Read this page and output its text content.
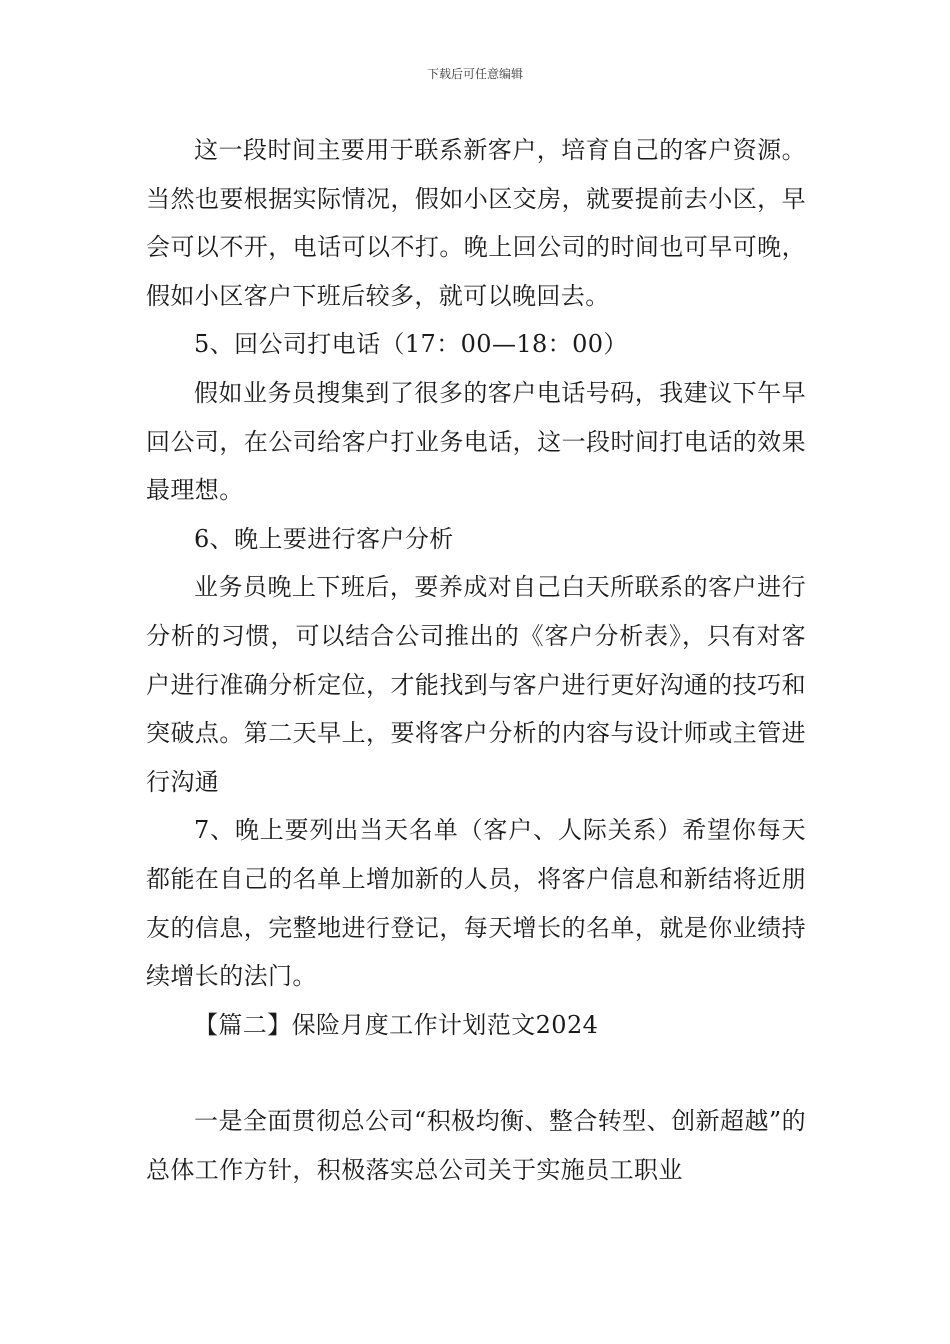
下载后可任意编辑

这一段时间主要用于联系新客户，培育自己的客户资源。当然也要根据实际情况，假如小区交房，就要提前去小区，早会可以不开，电话可以不打。晚上回公司的时间也可早可晚，假如小区客户下班后较多，就可以晚回去。

5、回公司打电话（17：00—18：00）

假如业务员搜集到了很多的客户电话号码，我建议下午早回公司，在公司给客户打业务电话，这一段时间打电话的效果最理想。

6、晚上要进行客户分析

业务员晚上下班后，要养成对自己白天所联系的客户进行分析的习惯，可以结合公司推出的《客户分析表》，只有对客户进行准确分析定位，才能找到与客户进行更好沟通的技巧和突破点。第二天早上，要将客户分析的内容与设计师或主管进行沟通

7、晚上要列出当天名单（客户、人际关系）希望你每天都能在自己的名单上增加新的人员，将客户信息和新结将近朋友的信息，完整地进行登记，每天增长的名单，就是你业绩持续增长的法门。

【篇二】保险月度工作计划范文2024

一是全面贯彻总公司“积极均衡、整合转型、创新超越”的总体工作方针，积极落实总公司关于实施员工职业
